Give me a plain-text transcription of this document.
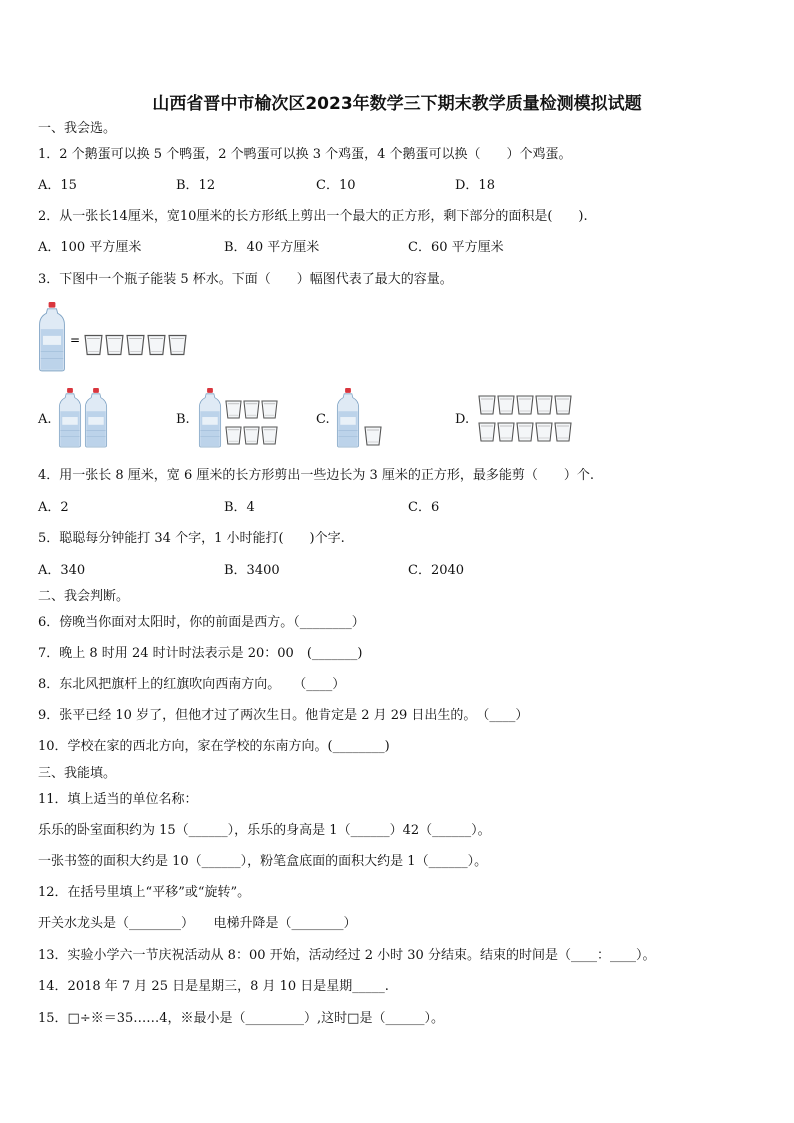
山西省晋中市榆次区2023年数学三下期末教学质量检测模拟试题
一、我会选。
1．2 个鹅蛋可以换 5 个鸭蛋，2 个鸭蛋可以换 3 个鸡蛋，4 个鹅蛋可以换（　　）个鸡蛋。
A．15	B．12	C．10	D．18
2．从一张长14厘米，宽10厘米的长方形纸上剪出一个最大的正方形，剩下部分的面积是(　　).
A．100 平方厘米	B．40 平方厘米	C．60 平方厘米
3．下图中一个瓶子能装 5 杯水。下面（　　）幅图代表了最大的容量。
=
A.	B.	C.	D.
4．用一张长 8 厘米，宽 6 厘米的长方形剪出一些边长为 3 厘米的正方形，最多能剪（　　）个.
A．2	B．4	C．6
5．聪聪每分钟能打 34 个字，1 小时能打(　　)个字.
A．340	B．3400	C．2040
二、我会判断。
6．傍晚当你面对太阳时，你的前面是西方。（________）
7．晚上 8 时用 24 时计时法表示是 20：00　(_______)
8．东北风把旗杆上的红旗吹向西南方向。　　（____）
9．张平已经 10 岁了，但他才过了两次生日。他肯定是 2 月 29 日出生的。　（____）
10．学校在家的西北方向，家在学校的东南方向。(________)
三、我能填。
11．填上适当的单位名称：
乐乐的卧室面积约为 15（______），乐乐的身高是 1（______）42（______）。
一张书签的面积大约是 10（______），粉笔盒底面的面积大约是 1（______）。
12．在括号里填上“平移”或“旋转”。
开关水龙头是（________）　　电梯升降是（________）
13．实验小学六一节庆祝活动从 8：00 开始，活动经过 2 小时 30 分结束。结束的时间是（____：____）。
14．2018 年 7 月 25 日是星期三，8 月 10 日是星期_____.
15．□÷※＝35……4，※最小是（_________）,这时□是（______）。
